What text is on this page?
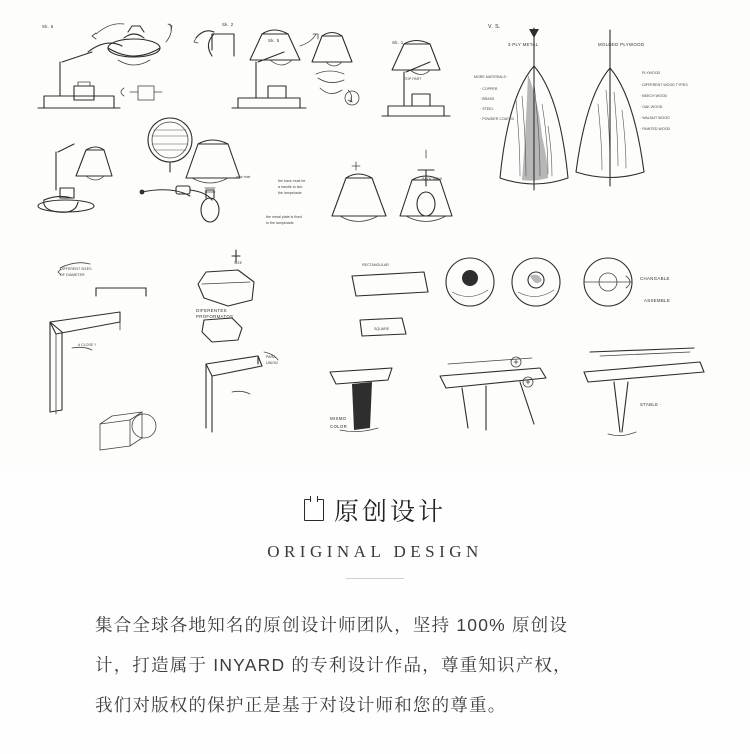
Sk. 6	Sk. 2
Sk. 5	Sk. 1
V. S.
3 PLY METAL	MOLDED PLYWOOD
MORE MATERIALS :
· COPPER
· BRASS
· STEEL
· POWDER COATED
PLYWOOD
· DIFFERENT WOOD TYPES
· BEECH WOOD
· OAK WOOD
· WALNUT WOOD
· PAINTED WOOD
TOP PART
the back must be
a handle to two
the lampshade
the metal plate is fixed
to the lampshade
wire hole	BACK VIEW
DIFFERENT SIZES
OF DIAMETER
SIZE
DIFERENTES
PROFORMATOS
RECTANGULAR
SQUARE
CHANGABLE
ASSEMBLE
d CLOSE ?
PARA
UNION
MISMO
COLOR
STABLE ·
原创设计
ORIGINAL DESIGN

集合全球各地知名的原创设计师团队，坚持 100% 原创设

计，打造属于 INYARD 的专利设计作品，尊重知识产权，

我们对版权的保护正是基于对设计师和您的尊重。
